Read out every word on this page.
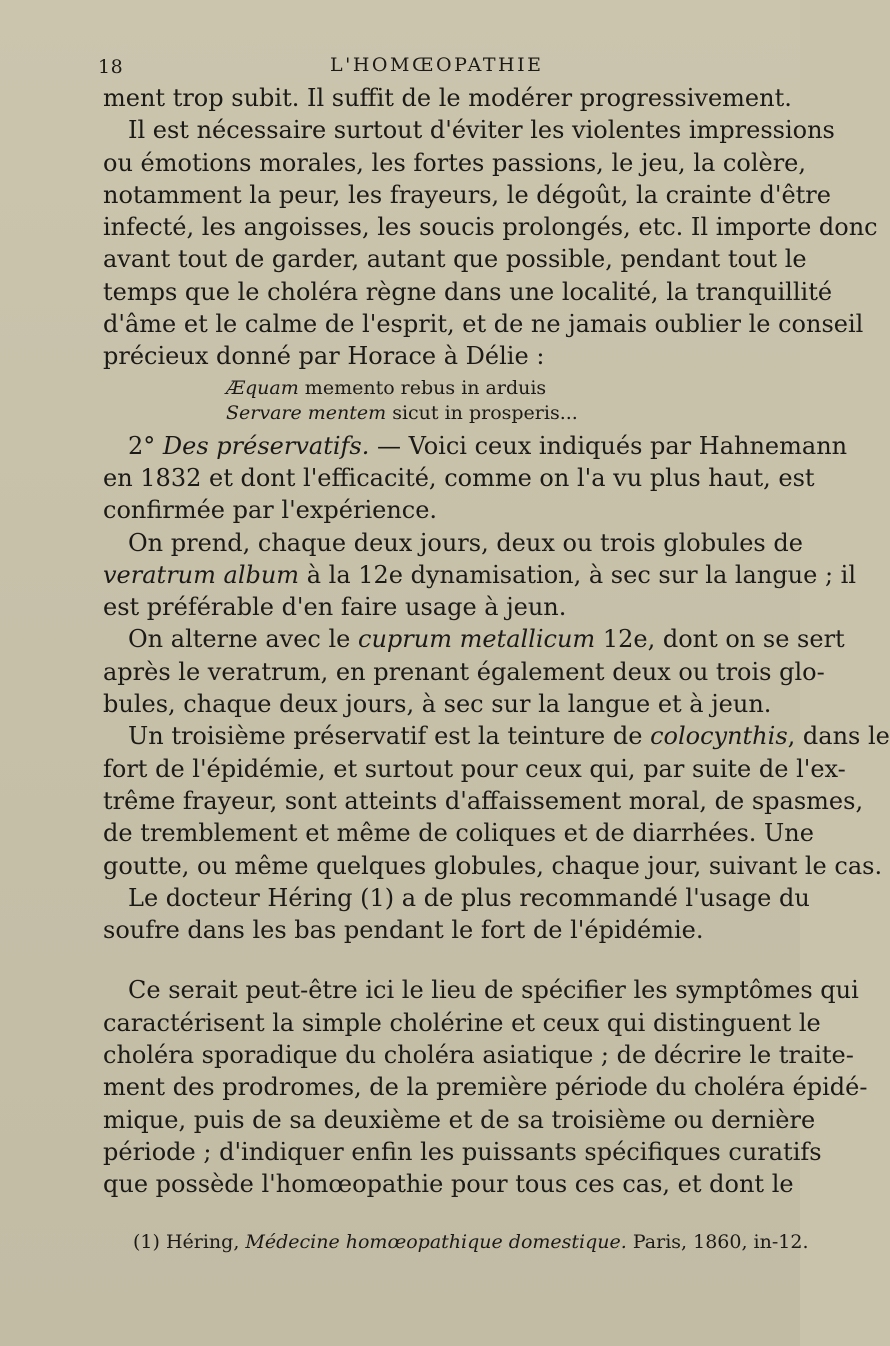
18	L'HOMŒOPATHIE
ment trop subit. Il suffit de le modérer progressivement.
Il est nécessaire surtout d'éviter les violentes impressions
ou émotions morales, les fortes passions, le jeu, la colère,
notamment la peur, les frayeurs, le dégoût, la crainte d'être
infecté, les angoisses, les soucis prolongés, etc. Il importe donc
avant tout de garder, autant que possible, pendant tout le
temps que le choléra règne dans une localité, la tranquillité
d'âme et le calme de l'esprit, et de ne jamais oublier le conseil
précieux donné par Horace à Délie :
Æquam memento rebus in arduis
Servare mentem sicut in prosperis...
2° Des préservatifs. — Voici ceux indiqués par Hahnemann
en 1832 et dont l'efficacité, comme on l'a vu plus haut, est
confirmée par l'expérience.
On prend, chaque deux jours, deux ou trois globules de
veratrum album à la 12e dynamisation, à sec sur la langue ; il
est préférable d'en faire usage à jeun.
On alterne avec le cuprum metallicum 12e, dont on se sert
après le veratrum, en prenant également deux ou trois glo-
bules, chaque deux jours, à sec sur la langue et à jeun.
Un troisième préservatif est la teinture de colocynthis, dans le
fort de l'épidémie, et surtout pour ceux qui, par suite de l'ex-
trême frayeur, sont atteints d'affaissement moral, de spasmes,
de tremblement et même de coliques et de diarrhées. Une
goutte, ou même quelques globules, chaque jour, suivant le cas.
Le docteur Héring (1) a de plus recommandé l'usage du
soufre dans les bas pendant le fort de l'épidémie.
Ce serait peut-être ici le lieu de spécifier les symptômes qui
caractérisent la simple cholérine et ceux qui distinguent le
choléra sporadique du choléra asiatique ; de décrire le traite-
ment des prodromes, de la première période du choléra épidé-
mique, puis de sa deuxième et de sa troisième ou dernière
période ; d'indiquer enfin les puissants spécifiques curatifs
que possède l'homœopathie pour tous ces cas, et dont le
(1) Héring, Médecine homœopathique domestique. Paris, 1860, in-12.
